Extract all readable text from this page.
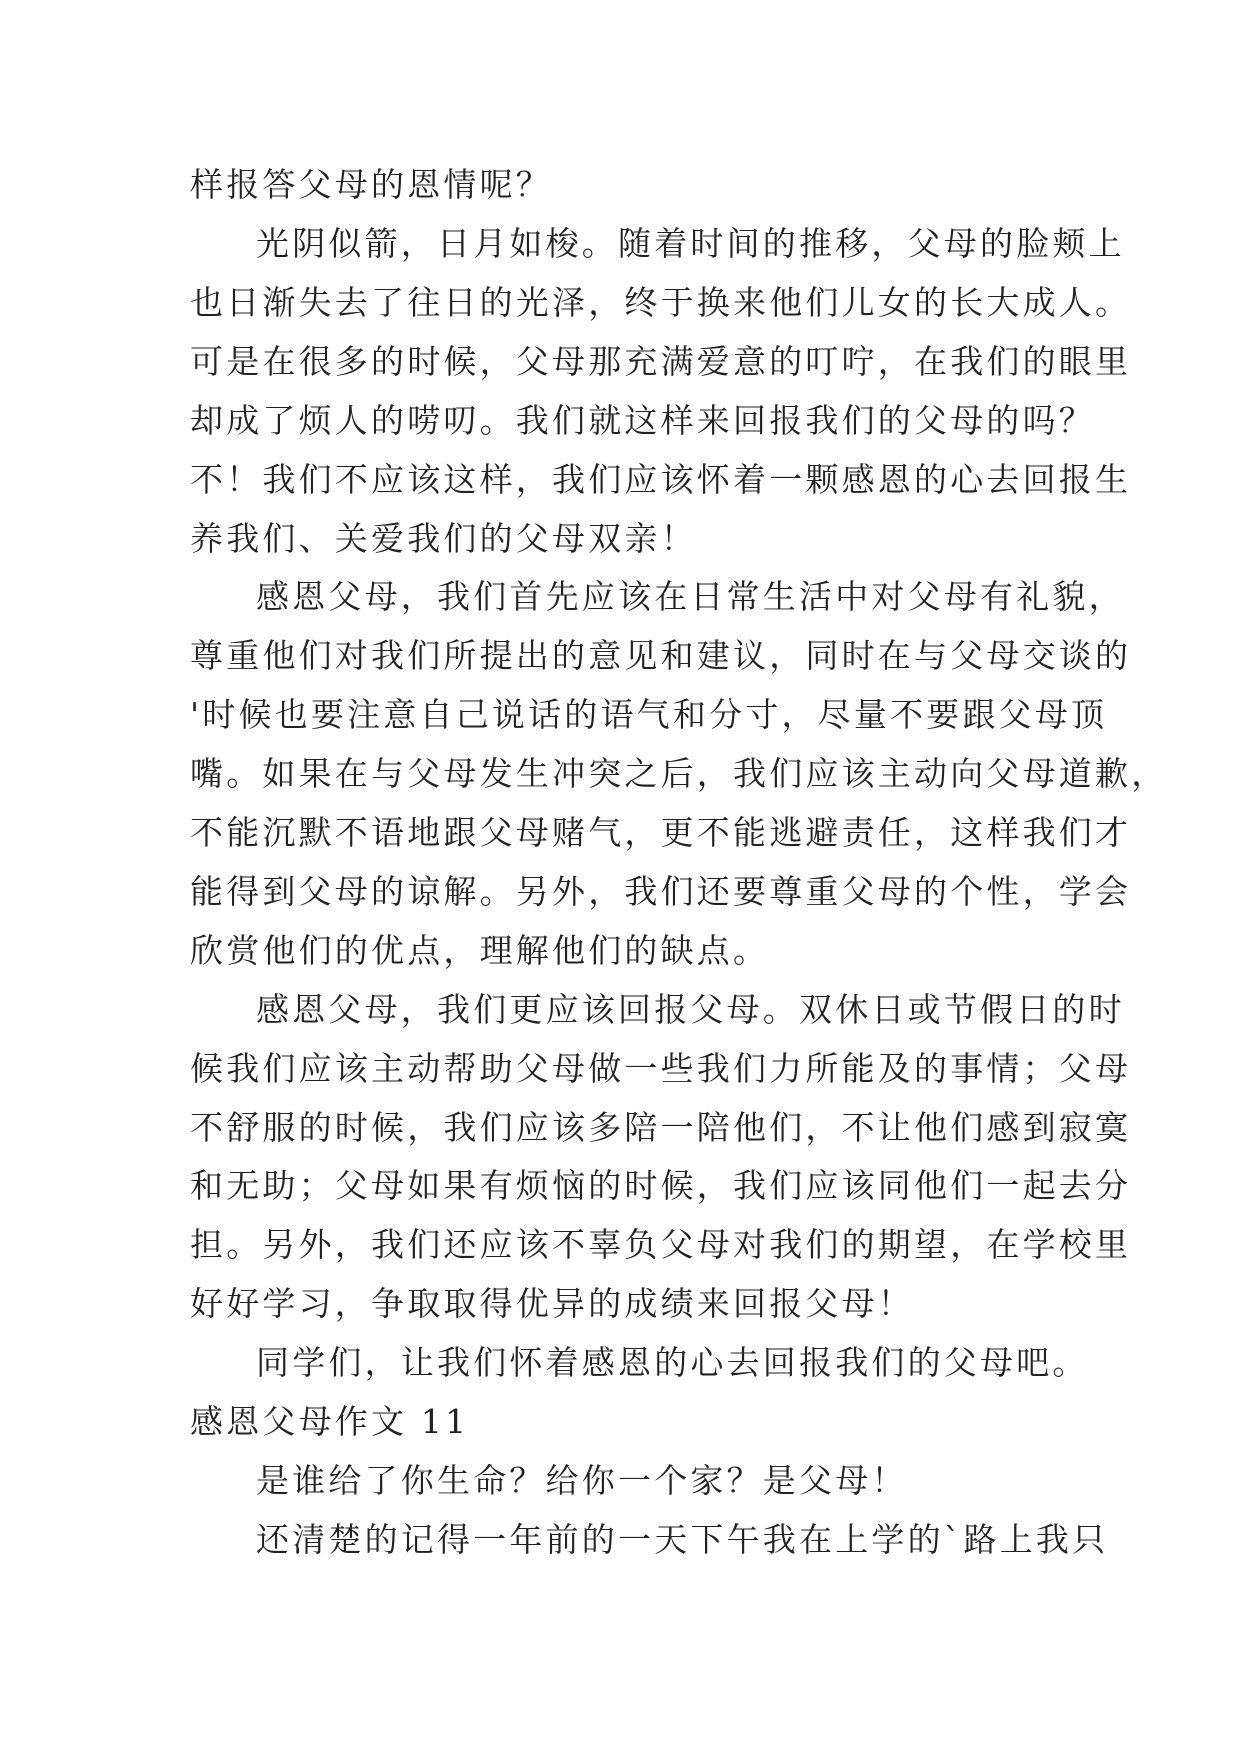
样报答父母的恩情呢？
光阴似箭，日月如梭。随着时间的推移，父母的脸颊上
也日渐失去了往日的光泽，终于换来他们儿女的长大成人。
可是在很多的时候，父母那充满爱意的叮咛，在我们的眼里
却成了烦人的唠叨。我们就这样来回报我们的父母的吗？
不！我们不应该这样，我们应该怀着一颗感恩的心去回报生
养我们、关爱我们的父母双亲！
感恩父母，我们首先应该在日常生活中对父母有礼貌，
尊重他们对我们所提出的意见和建议，同时在与父母交谈的
'时候也要注意自己说话的语气和分寸，尽量不要跟父母顶
嘴。如果在与父母发生冲突之后，我们应该主动向父母道歉，
不能沉默不语地跟父母赌气，更不能逃避责任，这样我们才
能得到父母的谅解。另外，我们还要尊重父母的个性，学会
欣赏他们的优点，理解他们的缺点。
感恩父母，我们更应该回报父母。双休日或节假日的时
候我们应该主动帮助父母做一些我们力所能及的事情；父母
不舒服的时候，我们应该多陪一陪他们，不让他们感到寂寞
和无助；父母如果有烦恼的时候，我们应该同他们一起去分
担。另外，我们还应该不辜负父母对我们的期望，在学校里
好好学习，争取取得优异的成绩来回报父母！
同学们，让我们怀着感恩的心去回报我们的父母吧。
感恩父母作文 11
是谁给了你生命？给你一个家？是父母！
还清楚的记得一年前的一天下午我在上学的`路上我只
